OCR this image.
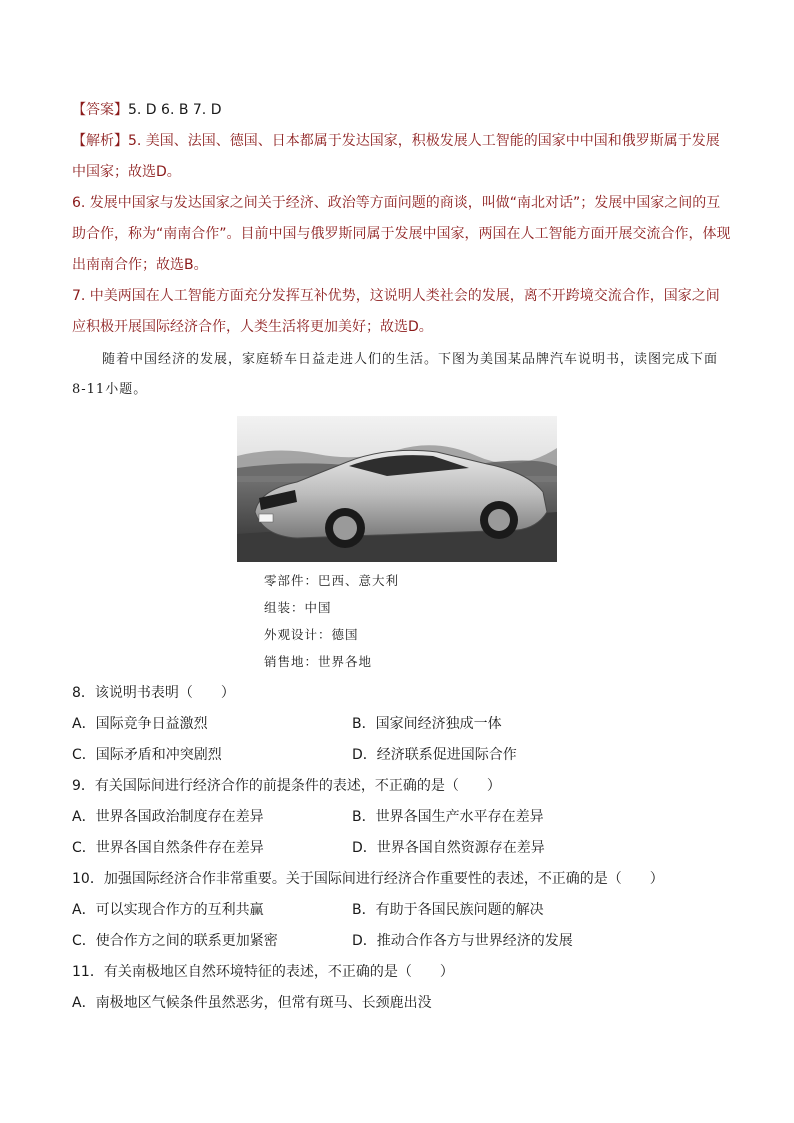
【答案】5. D 6. B 7. D
【解析】5. 美国、法国、德国、日本都属于发达国家，积极发展人工智能的国家中中国和俄罗斯属于发展
中国家；故选D。
6. 发展中国家与发达国家之间关于经济、政治等方面问题的商谈，叫做“南北对话”；发展中国家之间的互
助合作，称为“南南合作”。目前中国与俄罗斯同属于发展中国家，两国在人工智能方面开展交流合作，体现
出南南合作；故选B。
7. 中美两国在人工智能方面充分发挥互补优势，这说明人类社会的发展，离不开跨境交流合作，国家之间
应积极开展国际经济合作，人类生活将更加美好；故选D。
随着中国经济的发展，家庭轿车日益走进人们的生活。下图为美国某品牌汽车说明书，读图完成下面
8-11小题。
零部件：巴西、意大利
组装：中国
外观设计：德国
销售地：世界各地
8．该说明书表明（　　）
A．国际竞争日益激烈	B．国家间经济独成一体
C．国际矛盾和冲突剧烈	D．经济联系促进国际合作
9．有关国际间进行经济合作的前提条件的表述，不正确的是（　　）
A．世界各国政治制度存在差异	B．世界各国生产水平存在差异
C．世界各国自然条件存在差异	D．世界各国自然资源存在差异
10．加强国际经济合作非常重要。关于国际间进行经济合作重要性的表述，不正确的是（　　）
A．可以实现合作方的互利共赢	B．有助于各国民族问题的解决
C．使合作方之间的联系更加紧密	D．推动合作各方与世界经济的发展
11．有关南极地区自然环境特征的表述，不正确的是（　　）
A．南极地区气候条件虽然恶劣，但常有斑马、长颈鹿出没
